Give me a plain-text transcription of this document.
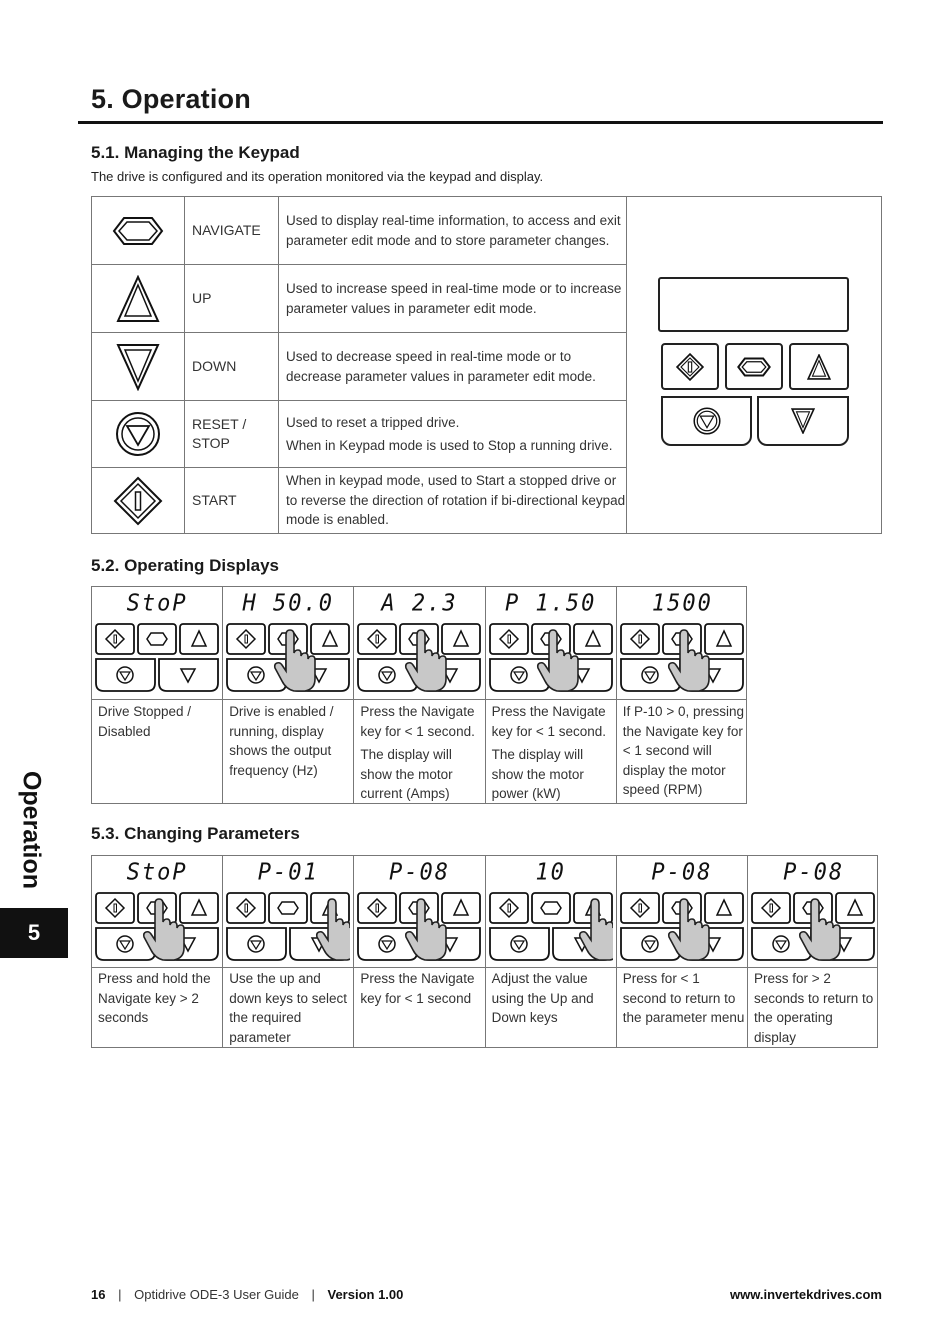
5. Operation
5.1. Managing the Keypad
The drive is configured and its operation monitored via the keypad and display.
NAVIGATE
Used to display real-time information, to access and exit parameter edit mode and to store parameter changes.
UP
Used to increase speed in real-time mode or to increase parameter values in parameter edit mode.
DOWN
Used to decrease speed in real-time mode or to decrease parameter values in parameter edit mode.
RESET / STOP
Used to reset a tripped drive.
When in Keypad mode is used to Stop a running drive.
START
When in keypad mode, used to Start a stopped drive or to reverse the direction of rotation if bi-directional keypad mode is enabled.
5.2. Operating Displays
StoP

Drive Stopped / Disabled

H 50.0

Drive is enabled / running, display shows the output frequency (Hz)

A 2.3

Press the Navigate key for < 1 second.

The display will show the motor current (Amps)

P 1.50

Press the Navigate key for < 1 second.

The display will show the motor power (kW)

1500

If P-10 > 0, pressing the Navigate key for < 1 second will display the motor speed (RPM)

5.3. Changing Parameters
StoP

Press and hold the Navigate key > 2 seconds

P-01

Use the up and down keys to select the required parameter

P-08

Press the Navigate key for < 1 second

10

Adjust the value using the Up and Down keys

P-08

Press for < 1 second to return to the parameter menu

P-08

Press for > 2 seconds to return to the operating display

Operation
5
16 | Optidrive ODE-3 User Guide | Version 1.00	www.invertekdrives.com
